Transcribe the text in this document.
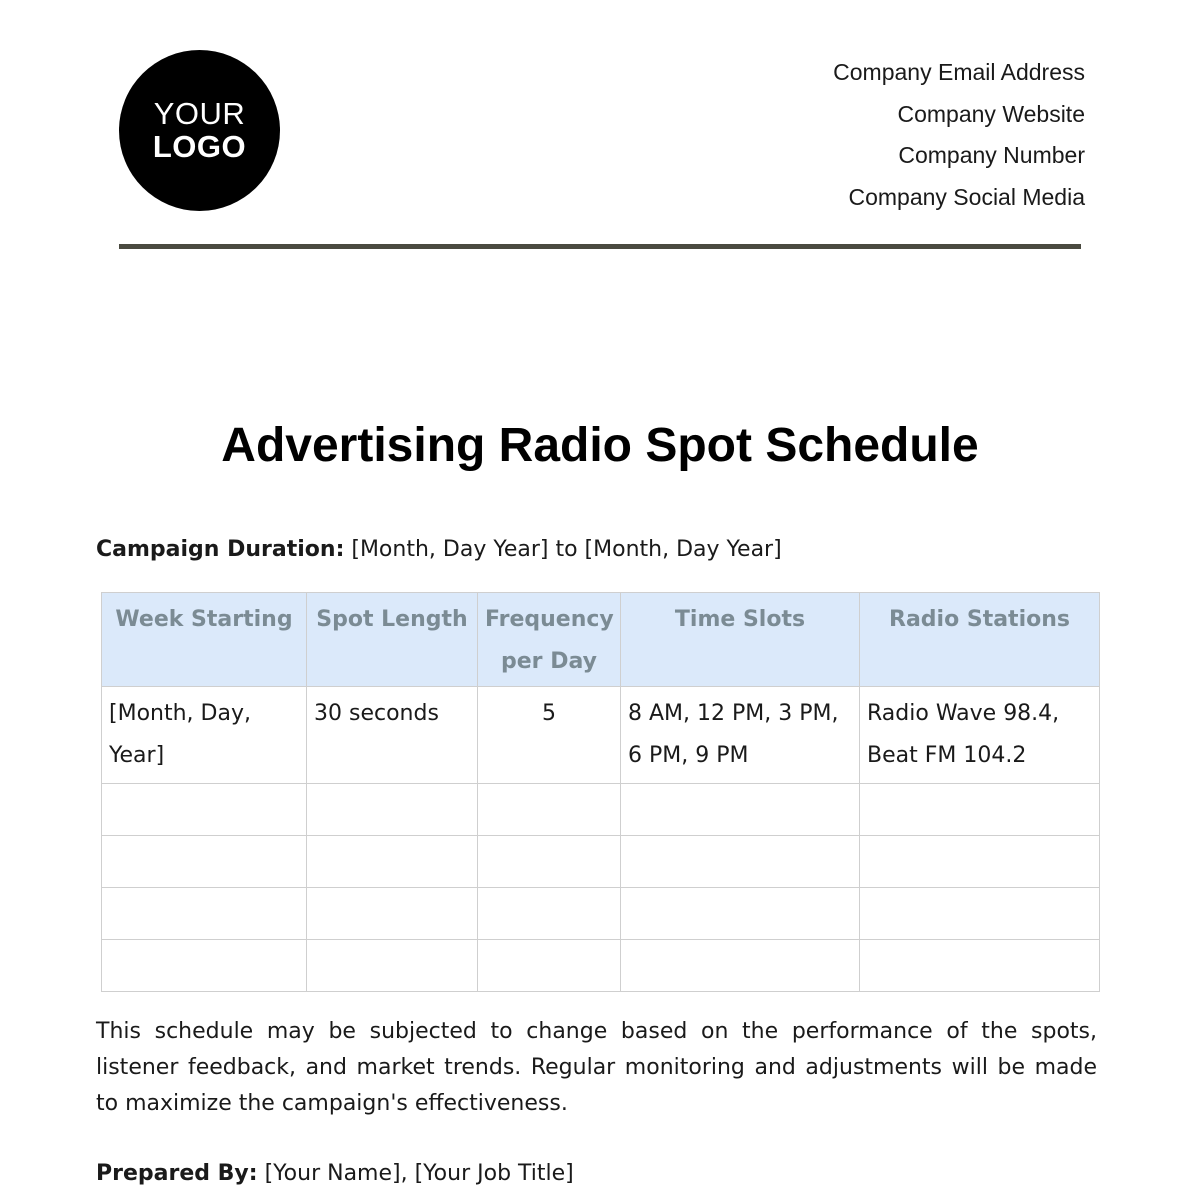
YOUR
LOGO
Company Email Address
Company Website
Company Number
Company Social Media
Advertising Radio Spot Schedule
Campaign Duration: [Month, Day Year] to [Month, Day Year]
Week Starting	Spot Length	Frequency per Day	Time Slots	Radio Stations
[Month, Day, Year]	30 seconds	5	8 AM, 12 PM, 3 PM, 6 PM, 9 PM	Radio Wave 98.4, Beat FM 104.2

This schedule may be subjected to change based on the performance of the spots, listener feedback, and market trends. Regular monitoring and adjustments will be made to maximize the campaign's effectiveness.

Prepared By: [Your Name], [Your Job Title]
